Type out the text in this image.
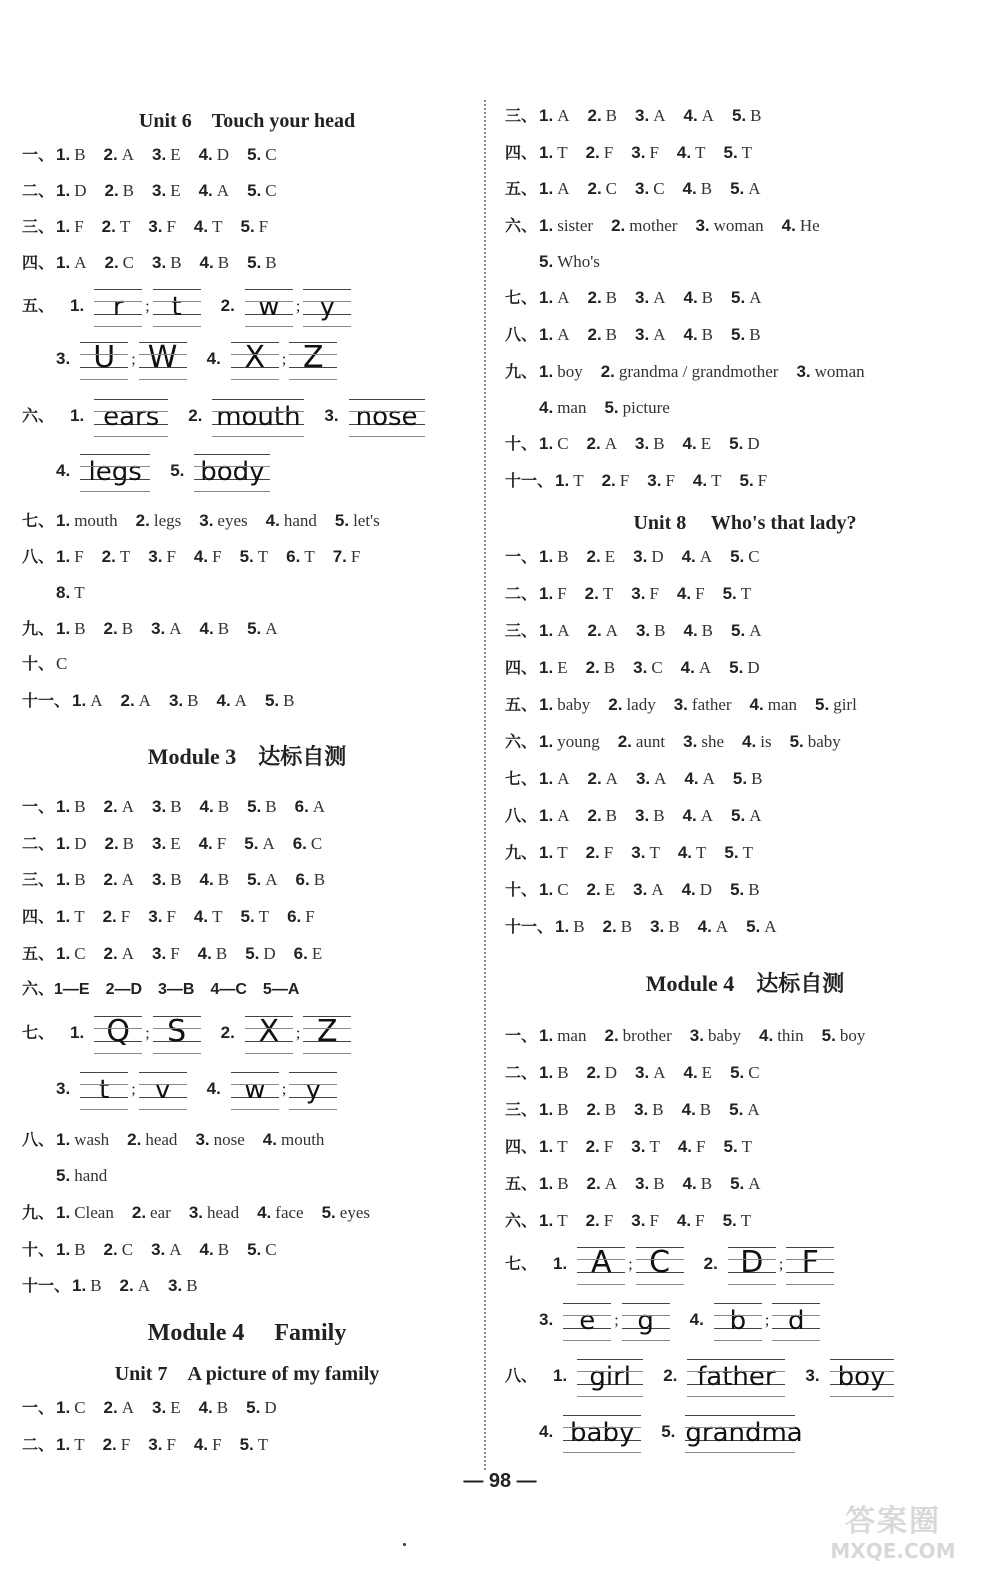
Unit 6　Touch your head
一、 1. B 2. A 3. E 4. D 5. C
二、 1. D 2. B 3. E 4. A 5. C
三、 1. F 2. T 3. F 4. T 5. F
四、 1. A 2. C 3. B 4. B 5. B
五、 1.	r	; t	2. w	; y
3. U	; W	4. X	; Z
六、 1. ears	2. mouth 3. nose
4. legs	5. body
七、 1. mouth 2. legs 3. eyes 4. hand 5. let's
八、 1. F 2. T 3. F 4. F 5. T 6. T 7. F
8. T
九、 1. B 2. B 3. A 4. B 5. A
十、 C
十一、 1. A 2. A 3. B 4. A 5. B
Module 3　达标自测
一、 1. B 2. A 3. B 4. B 5. B 6. A
二、 1. D 2. B 3. E 4. F 5. A 6. C
三、 1. B 2. A 3. B 4. B 5. A 6. B
四、 1. T 2. F 3. F 4. T 5. T 6. F
五、 1. C 2. A 3. F 4. B 5. D 6. E
六、1—E 2—D 3—B 4—C 5—A
七、 1. Q ; S	2. X	; Z
3.	t	; v	4. w	; y
八、 1. wash 2. head 3. nose 4. mouth
5. hand
九、 1. Clean 2. ear 3. head 4. face 5. eyes
十、 1. B 2. C 3. A 4. B 5. C
十一、 1. B 2. A 3. B
Module 4　 Family
Unit 7　A picture of my family
一、 1. C 2. A 3. E 4. B 5. D
二、 1. T 2. F 3. F 4. F 5. T
三、 1. A 2. B 3. A 4. A 5. B
四、 1. T 2. F 3. F 4. T 5. T
五、 1. A 2. C 3. C 4. B 5. A
六、 1. sister 2. mother 3. woman 4. He
5. Who's
七、 1. A 2. B 3. A 4. B 5. A
八、 1. A 2. B 3. A 4. B 5. B
九、 1. boy 2. grandma / grandmother 3. woman
4. man 5. picture
十、 1. C 2. A 3. B 4. E 5. D
十一、 1. T 2. F 3. F 4. T 5. F
Unit 8　 Who's that lady?
一、 1. B 2. E 3. D 4. A 5. C
二、 1. F 2. T 3. F 4. F 5. T
三、 1. A 2. A 3. B 4. B 5. A
四、 1. E 2. B 3. C 4. A 5. D
五、 1. baby 2. lady 3. father 4. man 5. girl
六、 1. young 2. aunt 3. she 4. is 5. baby
七、 1. A 2. A 3. A 4. A 5. B
八、 1. A 2. B 3. B 4. A 5. A
九、 1. T 2. F 3. T 4. T 5. T
十、 1. C 2. E 3. A 4. D 5. B
十一、 1. B 2. B 3. B 4. A 5. A
Module 4　达标自测
一、 1. man 2. brother 3. baby 4. thin 5. boy
二、 1. B 2. D 3. A 4. E 5. C
三、 1. B 2. B 3. B 4. B 5. A
四、 1. T 2. F 3. T 4. F 5. T
五、 1. B 2. A 3. B 4. B 5. A
六、 1. T 2. F 3. F 4. F 5. T
七、 1. A	; C	2. D ; F
3.	e	; g	4. b	; d
八、 1. girl	2. father	3. boy
4. baby	5. grandma
— 98 —
答案圈
MXQE.COM
